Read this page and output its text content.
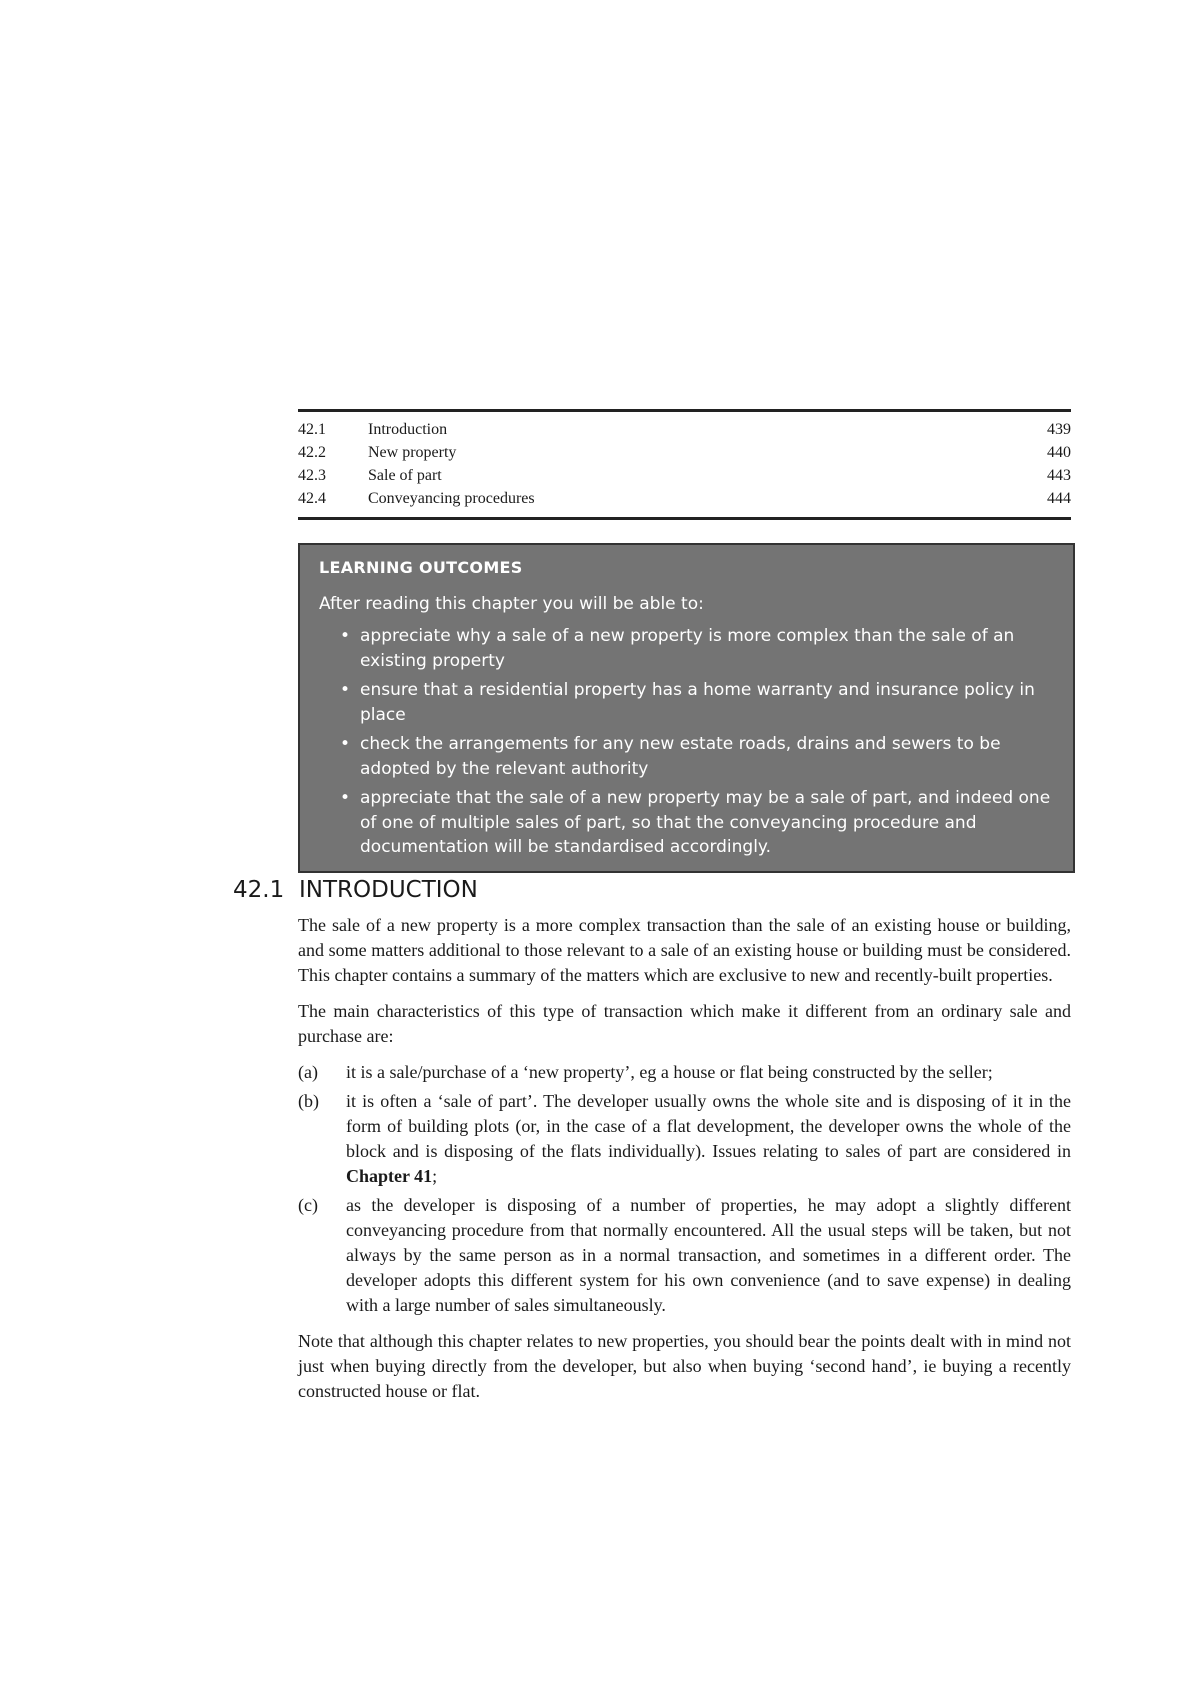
42.1	Introduction	439
42.2	New property	440
42.3	Sale of part	443
42.4	Conveyancing procedures	444
LEARNING OUTCOMES
After reading this chapter you will be able to:
• appreciate why a sale of a new property is more complex than the sale of an existing property
• ensure that a residential property has a home warranty and insurance policy in place
• check the arrangements for any new estate roads, drains and sewers to be adopted by the relevant authority
• appreciate that the sale of a new property may be a sale of part, and indeed one of one of multiple sales of part, so that the conveyancing procedure and documentation will be standardised accordingly.
42.1 INTRODUCTION

The sale of a new property is a more complex transaction than the sale of an existing house or building, and some matters additional to those relevant to a sale of an existing house or building must be considered. This chapter contains a summary of the matters which are exclusive to new and recently-built properties.

The main characteristics of this type of transaction which make it different from an ordinary sale and purchase are:

(a)	it is a sale/purchase of a ‘new property’, eg a house or flat being constructed by the seller;
(b)	it is often a ‘sale of part’. The developer usually owns the whole site and is disposing of it in the form of building plots (or, in the case of a flat development, the developer owns the whole of the block and is disposing of the flats individually). Issues relating to sales of part are considered in Chapter 41;
(c)	as the developer is disposing of a number of properties, he may adopt a slightly different conveyancing procedure from that normally encountered. All the usual steps will be taken, but not always by the same person as in a normal transaction, and sometimes in a different order. The developer adopts this different system for his own convenience (and to save expense) in dealing with a large number of sales simultaneously.

Note that although this chapter relates to new properties, you should bear the points dealt with in mind not just when buying directly from the developer, but also when buying ‘second hand’, ie buying a recently constructed house or flat.
